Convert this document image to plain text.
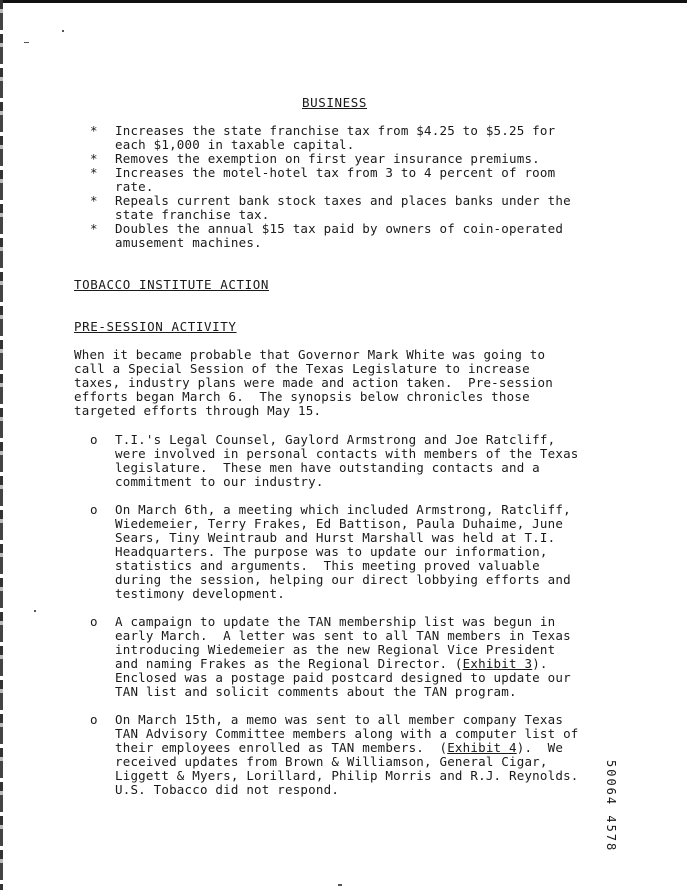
BUSINESS
* Increases the state franchise tax from $4.25 to $5.25 for
each $1,000 in taxable capital.
* Removes the exemption on first year insurance premiums.
* Increases the motel-hotel tax from 3 to 4 percent of room
rate.
* Repeals current bank stock taxes and places banks under the
state franchise tax.
* Doubles the annual $15 tax paid by owners of coin-operated
amusement machines.
TOBACCO INSTITUTE ACTION
PRE-SESSION ACTIVITY
When it became probable that Governor Mark White was going to
call a Special Session of the Texas Legislature to increase
taxes, industry plans were made and action taken.  Pre-session
efforts began March 6.  The synopsis below chronicles those
targeted efforts through May 15.
o T.I.'s Legal Counsel, Gaylord Armstrong and Joe Ratcliff,
were involved in personal contacts with members of the Texas
legislature.  These men have outstanding contacts and a
commitment to our industry.
o On March 6th, a meeting which included Armstrong, Ratcliff,
Wiedemeier, Terry Frakes, Ed Battison, Paula Duhaime, June
Sears, Tiny Weintraub and Hurst Marshall was held at T.I.
Headquarters. The purpose was to update our information,
statistics and arguments.  This meeting proved valuable
during the session, helping our direct lobbying efforts and
testimony development.
o A campaign to update the TAN membership list was begun in
early March.  A letter was sent to all TAN members in Texas
introducing Wiedemeier as the new Regional Vice President
and naming Frakes as the Regional Director. (Exhibit 3).
Enclosed was a postage paid postcard designed to update our
TAN list and solicit comments about the TAN program.
o On March 15th, a memo was sent to all member company Texas
TAN Advisory Committee members along with a computer list of
their employees enrolled as TAN members.  (Exhibit 4).  We
received updates from Brown & Williamson, General Cigar,
Liggett & Myers, Lorillard, Philip Morris and R.J. Reynolds.
U.S. Tobacco did not respond.	50064 4578
